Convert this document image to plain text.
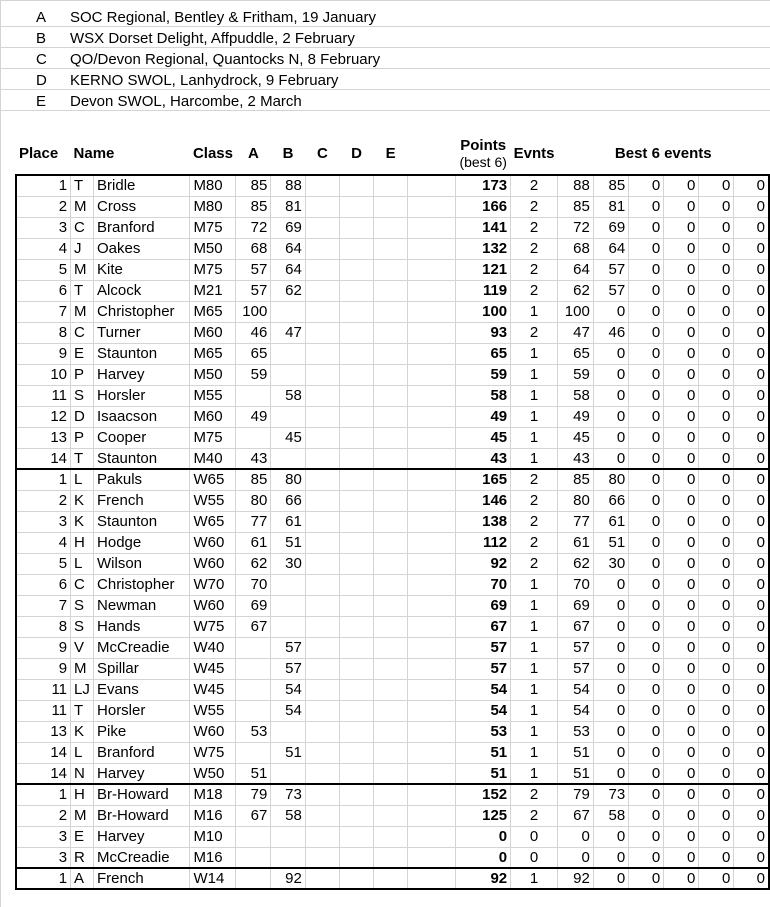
A SOC Regional, Bentley & Fritham, 19 January
B WSX Dorset Delight, Affpuddle, 2 February
C QO/Devon Regional, Quantocks N, 8 February
D KERNO SWOL, Lanhydrock, 9 February
E Devon SWOL, Harcombe, 2 March
Place	Name		Class	A	B	C	D	E		Points
(best 6)	Evnts	Best 6 events					
1	T	Bridle	M80	85	88					173	2	88	85	0	0	0	0
2	M	Cross	M80	85	81					166	2	85	81	0	0	0	0
3	C	Branford	M75	72	69					141	2	72	69	0	0	0	0
4	J	Oakes	M50	68	64					132	2	68	64	0	0	0	0
5	M	Kite	M75	57	64					121	2	64	57	0	0	0	0
6	T	Alcock	M21	57	62					119	2	62	57	0	0	0	0
7	M	Christopher	M65	100						100	1	100	0	0	0	0	0
8	C	Turner	M60	46	47					93	2	47	46	0	0	0	0
9	E	Staunton	M65	65						65	1	65	0	0	0	0	0
10	P	Harvey	M50	59						59	1	59	0	0	0	0	0
11	S	Horsler	M55		58					58	1	58	0	0	0	0	0
12	D	Isaacson	M60	49						49	1	49	0	0	0	0	0
13	P	Cooper	M75		45					45	1	45	0	0	0	0	0
14	T	Staunton	M40	43						43	1	43	0	0	0	0	0
1	L	Pakuls	W65	85	80					165	2	85	80	0	0	0	0
2	K	French	W55	80	66					146	2	80	66	0	0	0	0
3	K	Staunton	W65	77	61					138	2	77	61	0	0	0	0
4	H	Hodge	W60	61	51					112	2	61	51	0	0	0	0
5	L	Wilson	W60	62	30					92	2	62	30	0	0	0	0
6	C	Christopher	W70	70						70	1	70	0	0	0	0	0
7	S	Newman	W60	69						69	1	69	0	0	0	0	0
8	S	Hands	W75	67						67	1	67	0	0	0	0	0
9	V	McCreadie	W40		57					57	1	57	0	0	0	0	0
9	M	Spillar	W45		57					57	1	57	0	0	0	0	0
11	LJ	Evans	W45		54					54	1	54	0	0	0	0	0
11	T	Horsler	W55		54					54	1	54	0	0	0	0	0
13	K	Pike	W60	53						53	1	53	0	0	0	0	0
14	L	Branford	W75		51					51	1	51	0	0	0	0	0
14	N	Harvey	W50	51						51	1	51	0	0	0	0	0
1	H	Br-Howard	M18	79	73					152	2	79	73	0	0	0	0
2	M	Br-Howard	M16	67	58					125	2	67	58	0	0	0	0
3	E	Harvey	M10							0	0	0	0	0	0	0	0
3	R	McCreadie	M16							0	0	0	0	0	0	0	0
1	A	French	W14		92					92	1	92	0	0	0	0	0
